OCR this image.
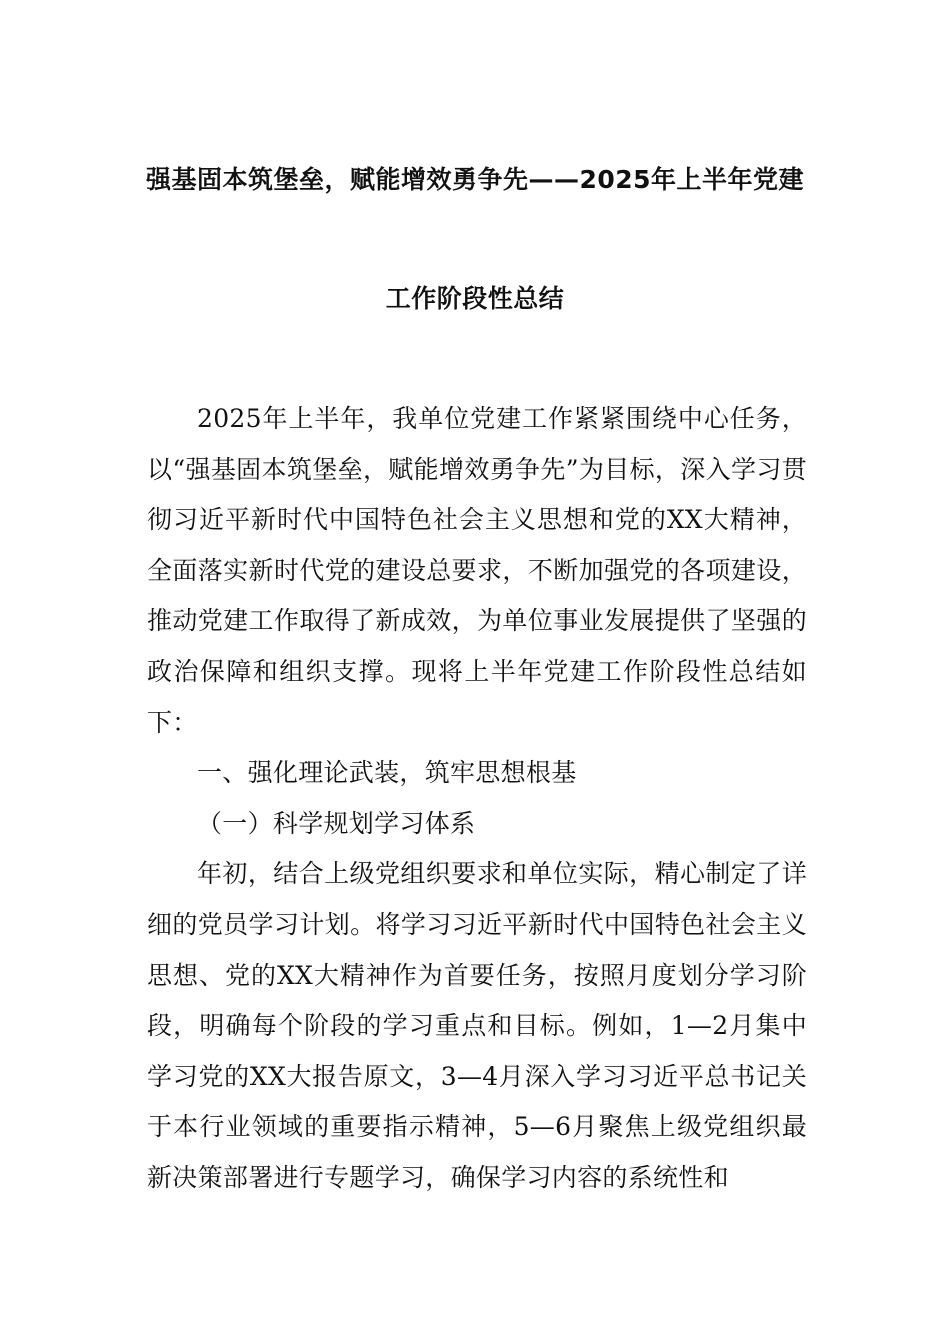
强基固本筑堡垒，赋能增效勇争先——2025年上半年党建
工作阶段性总结

2025年上半年，我单位党建工作紧紧围绕中心任务，以“强基固本筑堡垒，赋能增效勇争先”为目标，深入学习贯彻习近平新时代中国特色社会主义思想和党的XX大精神，全面落实新时代党的建设总要求，不断加强党的各项建设，推动党建工作取得了新成效，为单位事业发展提供了坚强的政治保障和组织支撑。现将上半年党建工作阶段性总结如下：

一、强化理论武装，筑牢思想根基

（一）科学规划学习体系

年初，结合上级党组织要求和单位实际，精心制定了详细的党员学习计划。将学习习近平新时代中国特色社会主义思想、党的XX大精神作为首要任务，按照月度划分学习阶段，明确每个阶段的学习重点和目标。例如，1—2月集中学习党的XX大报告原文，3—4月深入学习习近平总书记关于本行业领域的重要指示精神，5—6月聚焦上级党组织最新决策部署进行专题学习，确保学习内容的系统性和
